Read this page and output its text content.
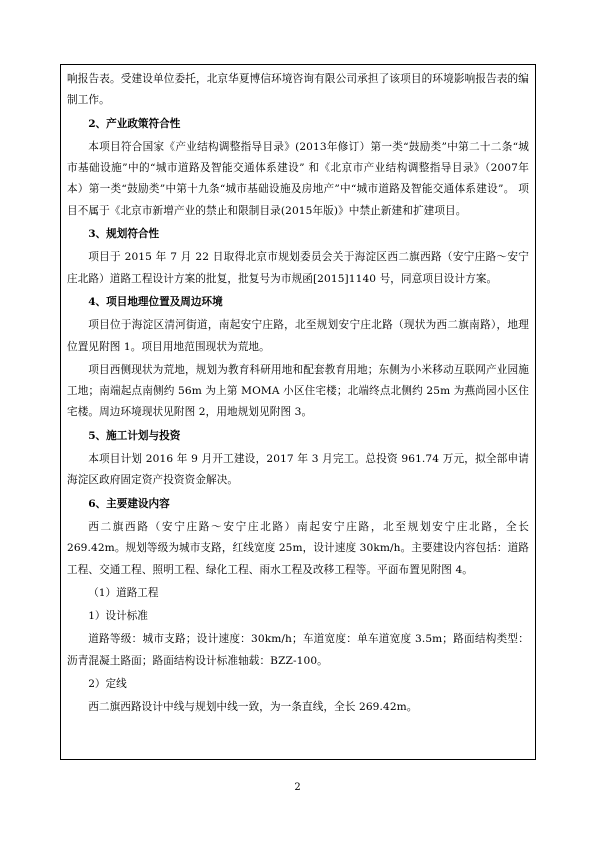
响报告表。受建设单位委托，北京华夏博信环境咨询有限公司承担了该项目的环境影响报告表的编制工作。

2、产业政策符合性

本项目符合国家《产业结构调整指导目录》(2013年修订）第一类“鼓励类”中第二十二条“城市基础设施”中的“城市道路及智能交通体系建设” 和《北京市产业结构调整指导目录》（2007年本）第一类“鼓励类”中第十九条“城市基础设施及房地产”中“城市道路及智能交通体系建设”。 项目不属于《北京市新增产业的禁止和限制目录(2015年版)》中禁止新建和扩建项目。

3、规划符合性

项目于 2015 年 7 月 22 日取得北京市规划委员会关于海淀区西二旗西路（安宁庄路～安宁庄北路）道路工程设计方案的批复，批复号为市规函[2015]1140 号，同意项目设计方案。

4、项目地理位置及周边环境

项目位于海淀区清河街道，南起安宁庄路，北至规划安宁庄北路（现状为西二旗南路），地理位置见附图 1。项目用地范围现状为荒地。

项目西侧现状为荒地，规划为教育科研用地和配套教育用地；东侧为小米移动互联网产业园施工地；南端起点南侧约 56m 为上第 MOMA 小区住宅楼；北端终点北侧约 25m 为燕尚园小区住宅楼。周边环境现状见附图 2，用地规划见附图 3。

5、施工计划与投资

本项目计划 2016 年 9 月开工建设，2017 年 3 月完工。总投资 961.74 万元，拟全部申请海淀区政府固定资产投资资金解决。

6、主要建设内容

西二旗西路（安宁庄路～安宁庄北路）南起安宁庄路，北至规划安宁庄北路，全长269.42m。规划等级为城市支路，红线宽度 25m，设计速度 30km/h。主要建设内容包括：道路工程、交通工程、照明工程、绿化工程、雨水工程及改移工程等。平面布置见附图 4。

（1）道路工程

1）设计标准

道路等级：城市支路；设计速度：30km/h；车道宽度：单车道宽度 3.5m；路面结构类型：沥青混凝土路面；路面结构设计标准轴载：BZZ-100。

2）定线

西二旗西路设计中线与规划中线一致，为一条直线，全长 269.42m。

2
